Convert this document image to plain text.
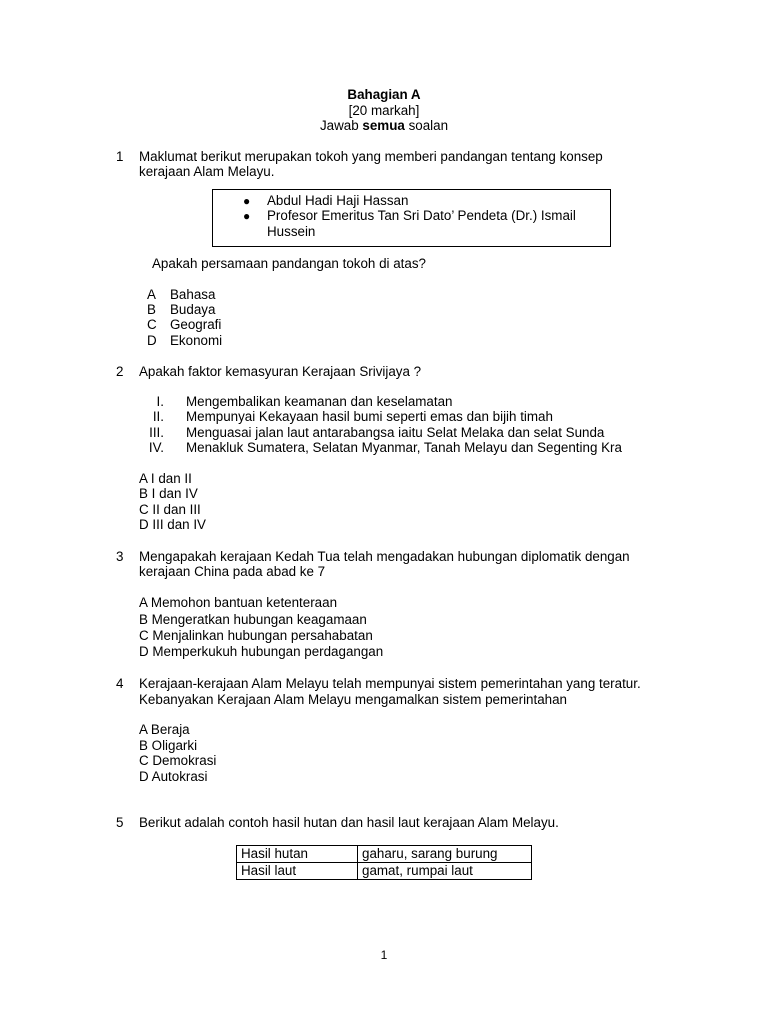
Bahagian A
[20 markah]
Jawab semua soalan
1 Maklumat berikut merupakan tokoh yang memberi pandangan tentang konsep
kerajaan Alam Melayu.
● Abdul Hadi Haji Hassan
● Profesor Emeritus Tan Sri Dato’ Pendeta (Dr.) Ismail
Hussein
Apakah persamaan pandangan tokoh di atas?
A Bahasa
B Budaya
C Geografi
D Ekonomi
2 Apakah faktor kemasyuran Kerajaan Srivijaya ?
I. Mengembalikan keamanan dan keselamatan
II. Mempunyai Kekayaan hasil bumi seperti emas dan bijih timah
III. Menguasai jalan laut antarabangsa iaitu Selat Melaka dan selat Sunda
IV. Menakluk Sumatera, Selatan Myanmar, Tanah Melayu dan Segenting Kra
A I dan II
B I dan IV
C II dan III
D III dan IV
3 Mengapakah kerajaan Kedah Tua telah mengadakan hubungan diplomatik dengan
kerajaan China pada abad ke 7
A Memohon bantuan ketenteraan
B Mengeratkan hubungan keagamaan
C Menjalinkan hubungan persahabatan
D Memperkukuh hubungan perdagangan
4 Kerajaan-kerajaan Alam Melayu telah mempunyai sistem pemerintahan yang teratur.
Kebanyakan Kerajaan Alam Melayu mengamalkan sistem pemerintahan
A Beraja
B Oligarki
C Demokrasi
D Autokrasi
5 Berikut adalah contoh hasil hutan dan hasil laut kerajaan Alam Melayu.
Hasil hutan	gaharu, sarang burung
Hasil laut	gamat, rumpai laut
1
